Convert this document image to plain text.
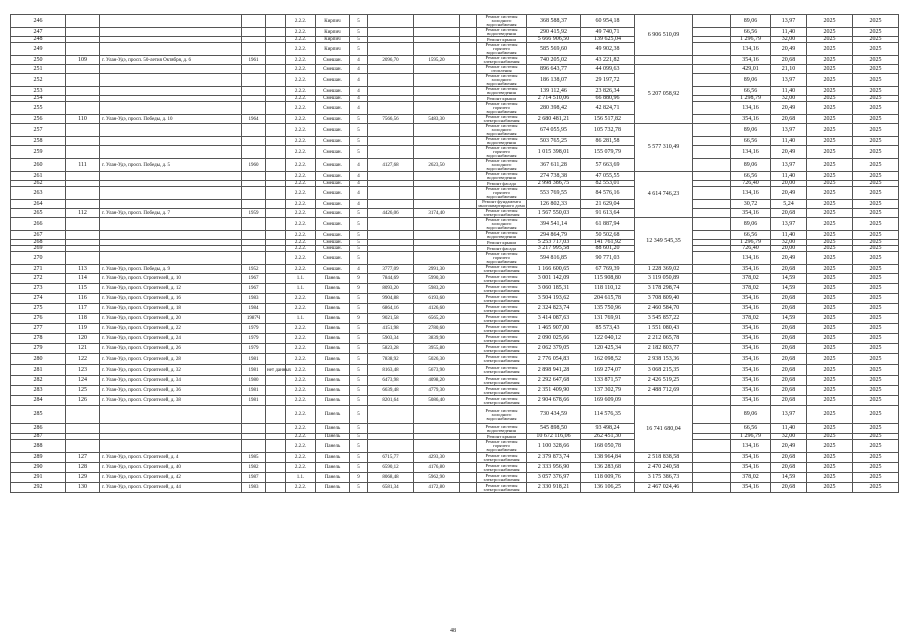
246					2.2.2.	Кирпич	5				Ремонт системы холодного водоснабжения	368 588,37	60 954,18	6 906 510,09		89,06	13,97	2025	2025
247					2.2.2.	Кирпич	5				Ремонт системы водоотведения	290 415,92	49 740,71			66,56	11,40	2025	2025
248					2.2.2.	Кирпич	5				Ремонт крыши	5 666 906,50	139 625,04			1 296,79	32,00	2025	2025
249					2.2.2.	Кирпич	5				Ремонт системы горячего водоснабжения	585 569,60	49 902,38			134,16	20,49	2025	2025
250	109	г. Улан-Удэ, просп. 50-летия Октября, д. 6	1961		2.2.2.	Смешан.	4	2096,70	1595,20		Ремонт системы электроснабжения	740 205,02	43 221,82			354,16	20,68	2025	2025
251					2.2.2.	Смешан.	4				Ремонт системы отопления	896 643,77	44 099,63	5 207 058,92		429,01	21,10	2025	2025
252					2.2.2.	Смешан.	4				Ремонт системы холодного водоснабжения	186 138,07	29 197,72			89,06	13,97	2025	2025
253					2.2.2.	Смешан.	4				Ремонт системы водоотведения	139 112,46	23 826,34			66,56	11,40	2025	2025
254					2.2.2.	Смешан.	4				Ремонт крыши	2 714 510,06	66 880,96			1 298,79	32,00	2025	2025
255					2.2.2.	Смешан.	4				Ремонт системы горячего водоснабжения	280 398,42	42 824,71			134,16	20,49	2025	2025
256	110	г. Улан-Удэ, просп. Победы, д. 10	1964		2.2.2.	Смешан.	5	7566,56	5483,30		Ремонт системы электроснабжения	2 680 481,21	156 517,82			354,16	20,68	2025	2025
257					2.2.2.	Смешан.	5				Ремонт системы холодного водоснабжения	674 055,95	105 732,78	5 577 310,49		89,06	13,97	2025	2025
258					2.2.2.	Смешан.	5				Ремонт системы водоотведения	503 765,25	86 281,58			66,56	11,40	2025	2025
259					2.2.2.	Смешан.	5				Ремонт системы горячего водоснабжения	1 015 398,01	155 079,79			134,16	20,49	2025	2025
260	111	г. Улан-Удэ, просп. Победы, д. 5	1960		2.2.2.	Смешан.	4	4127,68	2623,50		Ремонт системы холодного водоснабжения	367 611,28	57 663,69			89,06	13,97	2025	2025
261					2.2.2.	Смешан.	4				Ремонт системы водоотведения	274 738,38	47 055,55	4 614 746,23		66,56	11,40	2025	2025
262					2.2.2.	Смешан.	4				Ремонт фасада	2 998 386,75	82 553,01			726,40	20,00	2025	2025
263					2.2.2.	Смешан.	4				Ремонт системы горячего водоснабжения	553 769,55	84 576,16			134,16	20,49	2025	2025
264					2.2.2.	Смешан.	4				Ремонт фундамента многоквартирного дома	126 802,33	21 629,04			30,72	5,24	2025	2025
265	112	г. Улан-Удэ, просп. Победы, д. 7	1959		2.2.2.	Смешан.	5	4426,06	3174,40		Ремонт системы электроснабжения	1 567 550,03	91 613,64			354,16	20,68	2025	2025
266					2.2.2.	Смешан.	5				Ремонт системы холодного водоснабжения	394 541,14	61 887,94	12 349 545,35		89,06	13,97	2025	2025
267					2.2.2.	Смешан.	5				Ремонт системы водоотведения	294 864,79	50 502,68			66,56	11,40	2025	2025
268					2.2.2.	Смешан.	5				Ремонт крыши	5 253 717,03	141 761,92			1 296,79	32,00	2025	2025
269					2.2.2.	Смешан.	5				Ремонт фасада	3 217 995,58	88 601,20			726,40	20,00	2025	2025
270					2.2.2.	Смешан.	5				Ремонт системы горячего водоснабжения	594 816,85	90 771,03			134,16	20,49	2025	2025
271	113	г. Улан-Удэ, просп. Победы, д. 9	1952		2.2.2.	Смешан.	4	3777,09	2991,30		Ремонт системы электроснабжения	1 166 600,65	67 769,39	1 228 369,02		354,16	20,68	2025	2025
272	114	г. Улан-Удэ, просп. Строителей, д. 10	1967		1.1.	Панель	9	7844,69	5990,30		Ремонт системы электроснабжения	3 001 142,09	115 908,80	3 119 050,89		378,02	14,59	2025	2025
273	115	г. Улан-Удэ, просп. Строителей, д. 12	1967		1.1.	Панель	9	8093,20	5983,20		Ремонт системы электроснабжения	3 060 185,31	118 110,12	3 178 298,74		378,02	14,59	2025	2025
274	116	г. Улан-Удэ, просп. Строителей, д. 16	1983		2.2.2.	Панель	5	9904,88	6193,60		Ремонт системы электроснабжения	3 504 193,62	204 615,78	3 708 809,40		354,16	20,68	2025	2025
275	117	г. Улан-Удэ, просп. Строителей, д. 18	1984		2.2.2.	Панель	5	6864,16	4126,60		Ремонт системы электроснабжения	2 324 823,74	135 750,96	2 460 584,70		354,16	20,68	2025	2025
276	118	г. Улан-Удэ, просп. Строителей, д. 20	1987Ч		1.1.	Панель	9	9021,58	6565,20		Ремонт системы электроснабжения	3 414 087,63	131 769,91	3 545 857,22		378,02	14,59	2025	2025
277	119	г. Улан-Удэ, просп. Строителей, д. 22	1979		2.2.2.	Панель	5	4151,98	2780,60		Ремонт системы электроснабжения	1 465 907,00	85 573,43	1 551 080,43		354,16	20,68	2025	2025
278	120	г. Улан-Удэ, просп. Строителей, д. 24	1979		2.2.2.	Панель	5	5903,34	3839,90		Ремонт системы электроснабжения	2 090 025,66	122 040,12	2 212 065,78		354,16	20,68	2025	2025
279	121	г. Улан-Удэ, просп. Строителей, д. 26	1979		2.2.2.	Панель	5	5823,28	3955,80		Ремонт системы электроснабжения	2 062 379,05	120 425,34	2 182 803,77		354,16	20,68	2025	2025
280	122	г. Улан-Удэ, просп. Строителей, д. 28	1981		2.2.2.	Панель	5	7838,92	5026,30		Ремонт системы электроснабжения	2 776 054,83	162 098,52	2 938 153,36		354,16	20,68	2025	2025
281	123	г. Улан-Удэ, просп. Строителей, д. 32	1981	нет данных	2.2.2.	Панель	5	8163,48	5673,90		Ремонт системы электроснабжения	2 898 941,28	169 274,07	3 068 215,35		354,16	20,68	2025	2025
282	124	г. Улан-Удэ, просп. Строителей, д. 34	1980		2.2.2.	Панель	5	6473,98	4098,20		Ремонт системы электроснабжения	2 292 647,68	133 871,57	2 426 519,25		354,16	20,68	2025	2025
283	125	г. Улан-Удэ, просп. Строителей, д. 36	1981		2.2.2.	Панель	5	6639,48	4779,30		Ремонт системы электроснабжения	2 351 409,90	137 302,79	2 488 712,69		354,16	20,68	2025	2025
284	126	г. Улан-Удэ, просп. Строителей, д. 38	1981		2.2.2.	Панель	5	8201,64	5086,40		Ремонт системы электроснабжения	2 904 678,66	169 609,09			354,16	20,68	2025	2025
285					2.2.2.	Панель	5				Ремонт системы холодного водоснабжения	730 434,59	114 576,35	16 741 680,04		89,06	13,97	2025	2025
286					2.2.2.	Панель	5				Ремонт системы водоотведения	545 898,50	93 498,24			66,56	11,40	2025	2025
287					2.2.2.	Панель	5				Ремонт крыши	10 672 116,06	262 451,30			1 296,79	32,00	2025	2025
288					2.2.2.	Панель	5				Ремонт системы горячего водоснабжения	1 100 328,66	168 050,78			134,16	20,49	2025	2025
289	127	г. Улан-Удэ, просп. Строителей, д. 4	1985		2.2.2.	Панель	5	6715,77	4293,30		Ремонт системы электроснабжения	2 379 873,74	138 964,84	2 518 838,58		354,16	20,68	2025	2025
290	128	г. Улан-Удэ, просп. Строителей, д. 40	1982		2.2.2.	Панель	5	6590,12	4176,80		Ремонт системы электроснабжения	2 333 956,90	136 283,68	2 470 240,58		354,16	20,68	2025	2025
291	129	г. Улан-Удэ, просп. Строителей, д. 42	1987		1.1.	Панель	9	8068,48	5962,90		Ремонт системы электроснабжения	3 057 376,97	118 009,76	3 175 386,73		378,02	14,59	2025	2025
292	130	г. Улан-Удэ, просп. Строителей, д. 44	1983		2.2.2.	Панель	5	6581,34	4172,80		Ремонт системы электроснабжения	2 330 918,21	136 106,25	2 467 024,46		354,16	20,68	2025	2025
48
